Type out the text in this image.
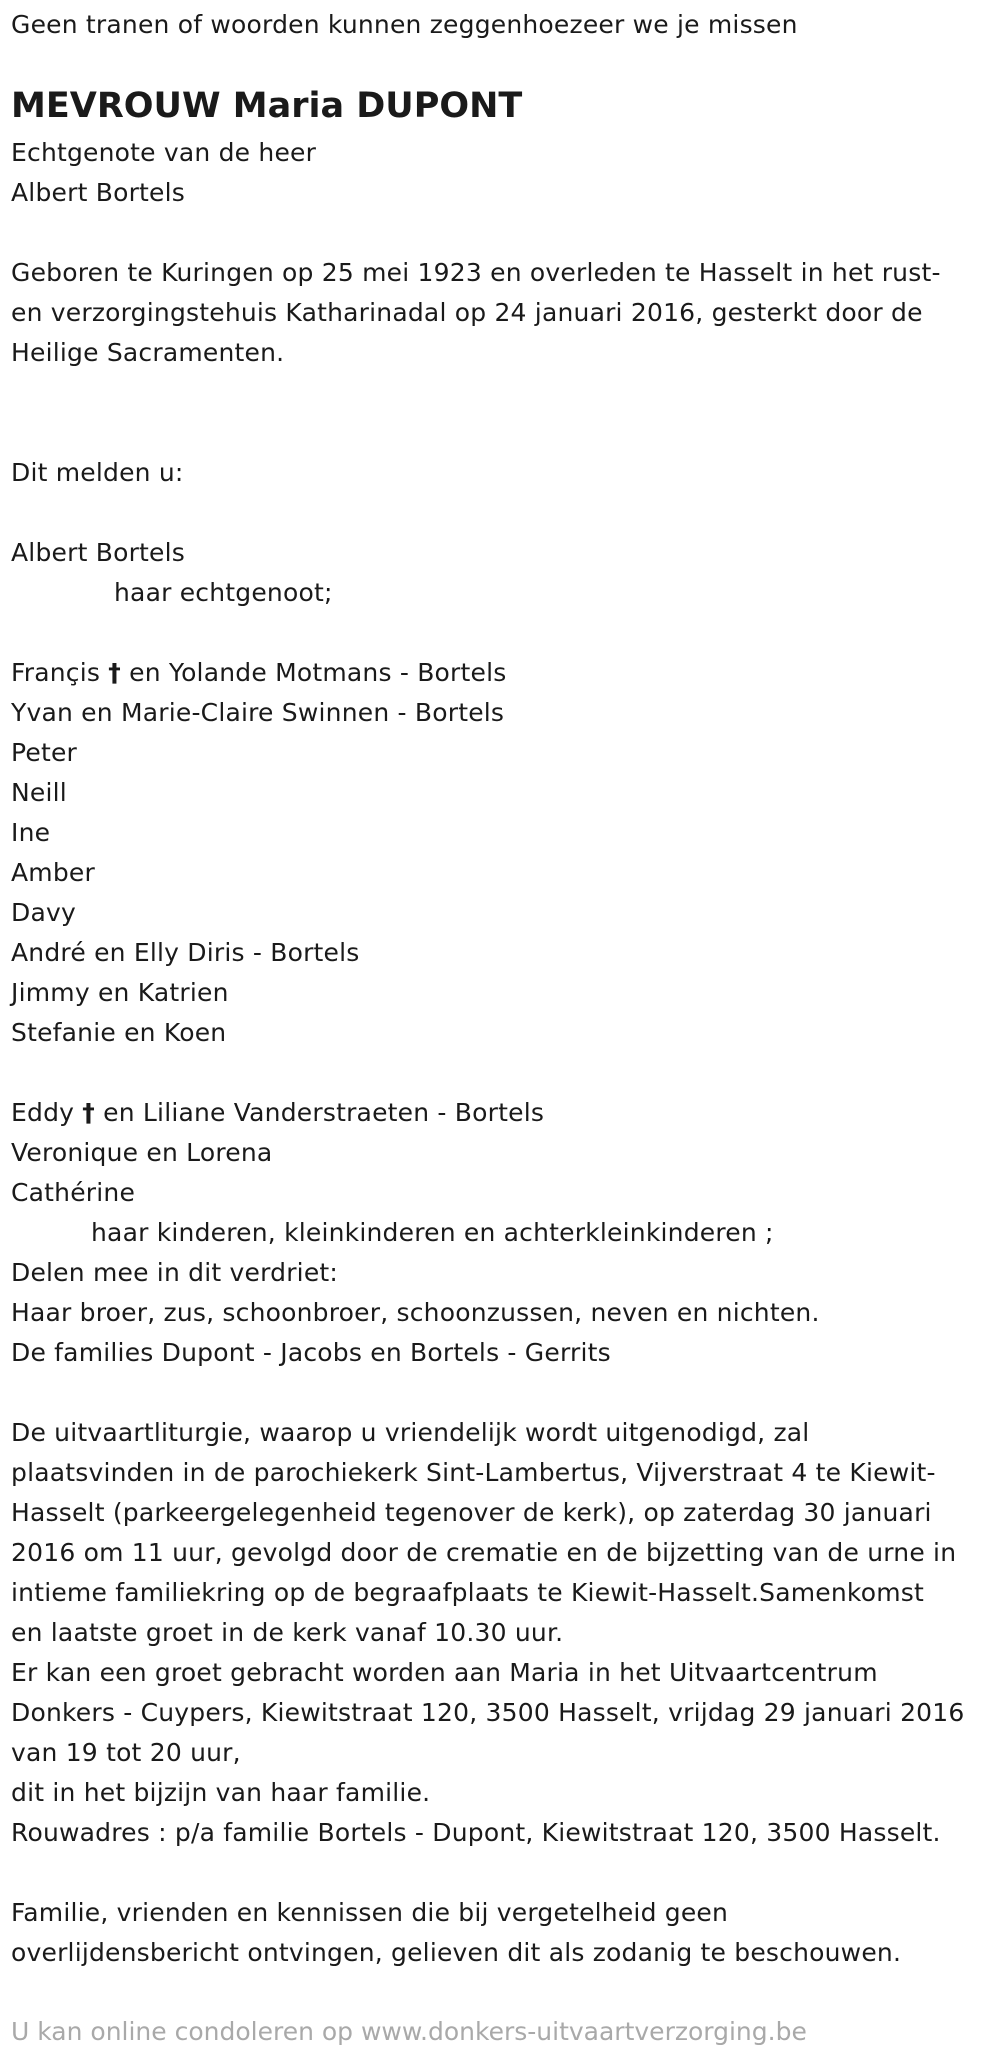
Geen tranen of woorden kunnen zeggenhoezeer we je missen
MEVROUW Maria DUPONT
Echtgenote van de heer
Albert Bortels
Geboren te Kuringen op 25 mei 1923 en overleden te Hasselt in het rust-
en verzorgingstehuis Katharinadal op 24 januari 2016, gesterkt door de
Heilige Sacramenten.
Dit melden u:
Albert Bortels
haar echtgenoot;
Françis † en Yolande Motmans - Bortels
Yvan en Marie-Claire Swinnen - Bortels
Peter
Neill
Ine
Amber
Davy
André en Elly Diris - Bortels
Jimmy en Katrien
Stefanie en Koen
Eddy † en Liliane Vanderstraeten - Bortels
Veronique en Lorena
Cathérine
haar kinderen, kleinkinderen en achterkleinkinderen ;
Delen mee in dit verdriet:
Haar broer, zus, schoonbroer, schoonzussen, neven en nichten.
De families Dupont - Jacobs en Bortels - Gerrits
De uitvaartliturgie, waarop u vriendelijk wordt uitgenodigd, zal
plaatsvinden in de parochiekerk Sint-Lambertus, Vijverstraat 4 te Kiewit-
Hasselt (parkeergelegenheid tegenover de kerk), op zaterdag 30 januari
2016 om 11 uur, gevolgd door de crematie en de bijzetting van de urne in
intieme familiekring op de begraafplaats te Kiewit-Hasselt.Samenkomst
en laatste groet in de kerk vanaf 10.30 uur.
Er kan een groet gebracht worden aan Maria in het Uitvaartcentrum
Donkers - Cuypers, Kiewitstraat 120, 3500 Hasselt, vrijdag 29 januari 2016
van 19 tot 20 uur,
dit in het bijzijn van haar familie.
Rouwadres : p/a familie Bortels - Dupont, Kiewitstraat 120, 3500 Hasselt.
Familie, vrienden en kennissen die bij vergetelheid geen
overlijdensbericht ontvingen, gelieven dit als zodanig te beschouwen.
U kan online condoleren op www.donkers-uitvaartverzorging.be
